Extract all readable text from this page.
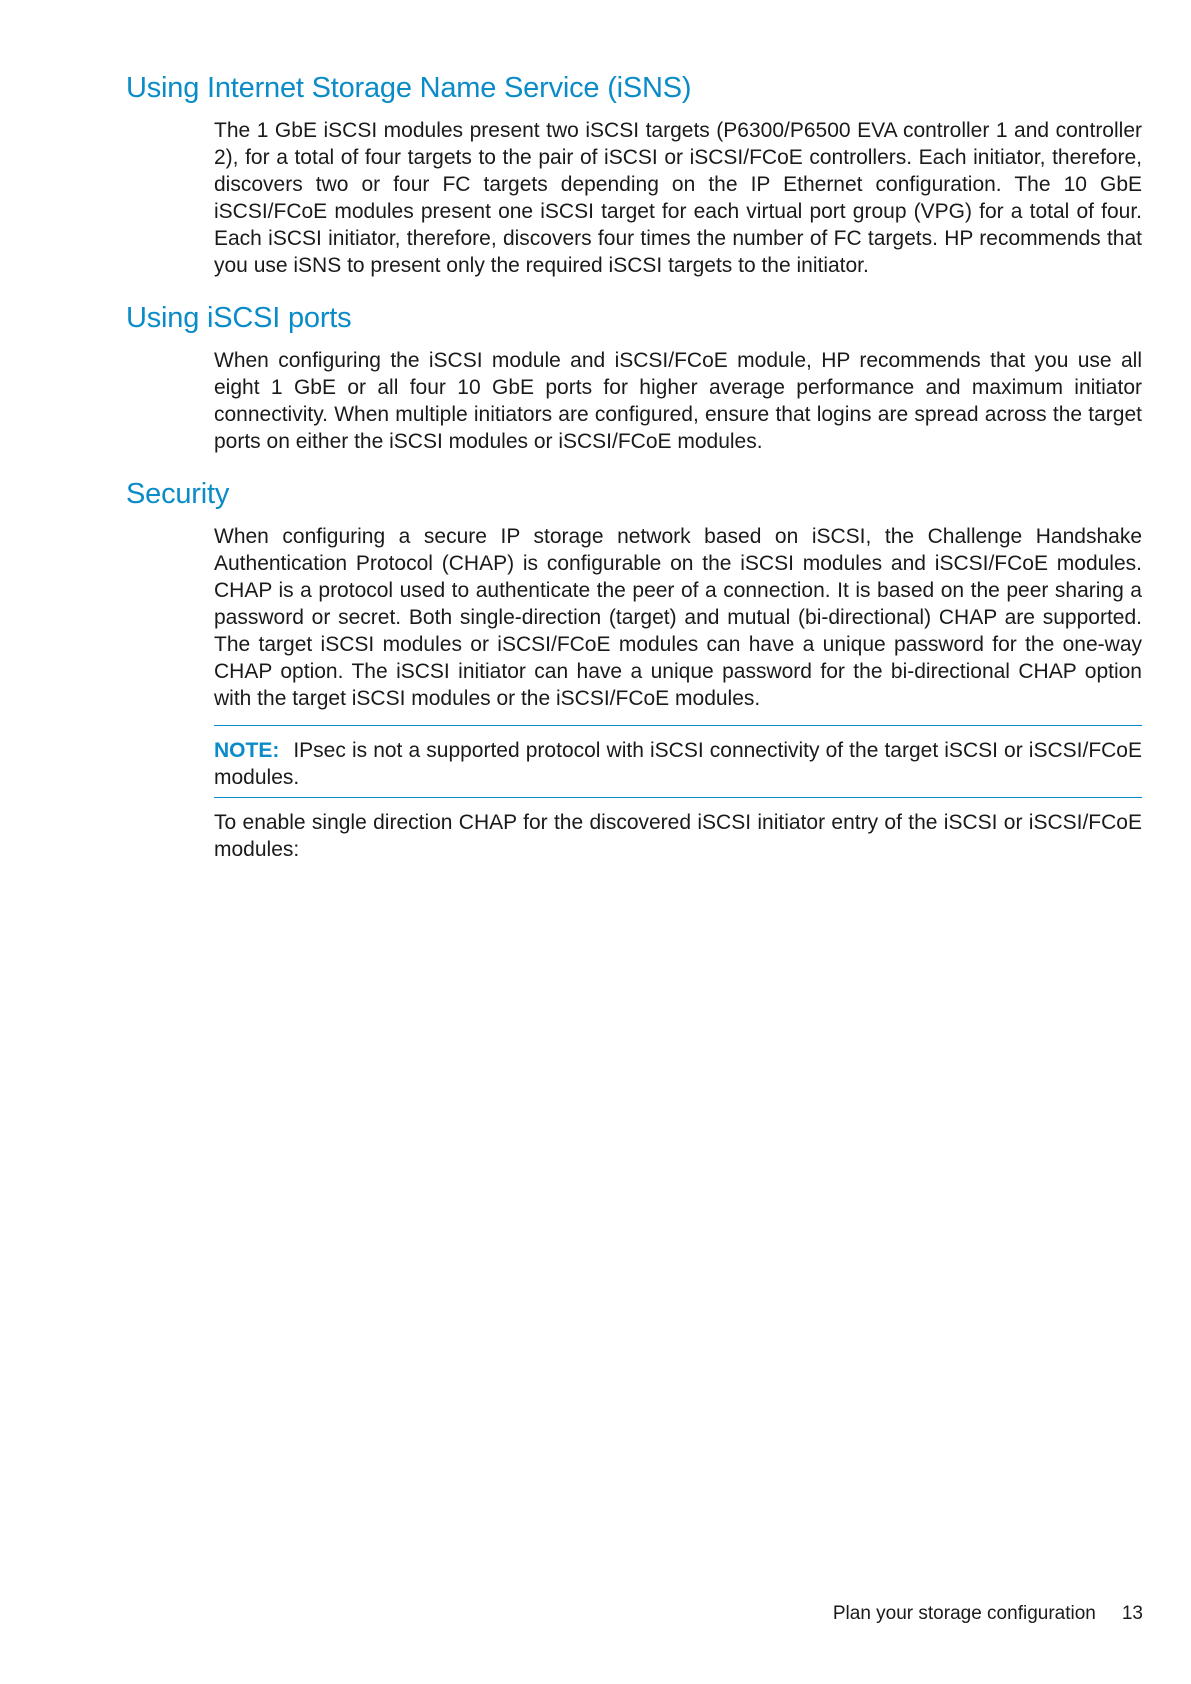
Using Internet Storage Name Service (iSNS)

The 1 GbE iSCSI modules present two iSCSI targets (P6300/P6500 EVA controller 1 and controller 2), for a total of four targets to the pair of iSCSI or iSCSI/FCoE controllers. Each initiator, therefore, discovers two or four FC targets depending on the IP Ethernet configuration. The 10 GbE iSCSI/FCoE modules present one iSCSI target for each virtual port group (VPG) for a total of four. Each iSCSI initiator, therefore, discovers four times the number of FC targets. HP recommends that you use iSNS to present only the required iSCSI targets to the initiator.

Using iSCSI ports

When configuring the iSCSI module and iSCSI/FCoE module, HP recommends that you use all eight 1 GbE or all four 10 GbE ports for higher average performance and maximum initiator connectivity. When multiple initiators are configured, ensure that logins are spread across the target ports on either the iSCSI modules or iSCSI/FCoE modules.

Security

When configuring a secure IP storage network based on iSCSI, the Challenge Handshake Authentication Protocol (CHAP) is configurable on the iSCSI modules and iSCSI/FCoE modules. CHAP is a protocol used to authenticate the peer of a connection. It is based on the peer sharing a password or secret. Both single-direction (target) and mutual (bi-directional) CHAP are supported. The target iSCSI modules or iSCSI/FCoE modules can have a unique password for the one-way CHAP option. The iSCSI initiator can have a unique password for the bi-directional CHAP option with the target iSCSI modules or the iSCSI/FCoE modules.

NOTE: IPsec is not a supported protocol with iSCSI connectivity of the target iSCSI or iSCSI/FCoE modules.

To enable single direction CHAP for the discovered iSCSI initiator entry of the iSCSI or iSCSI/FCoE modules:

Plan your storage configuration 13
